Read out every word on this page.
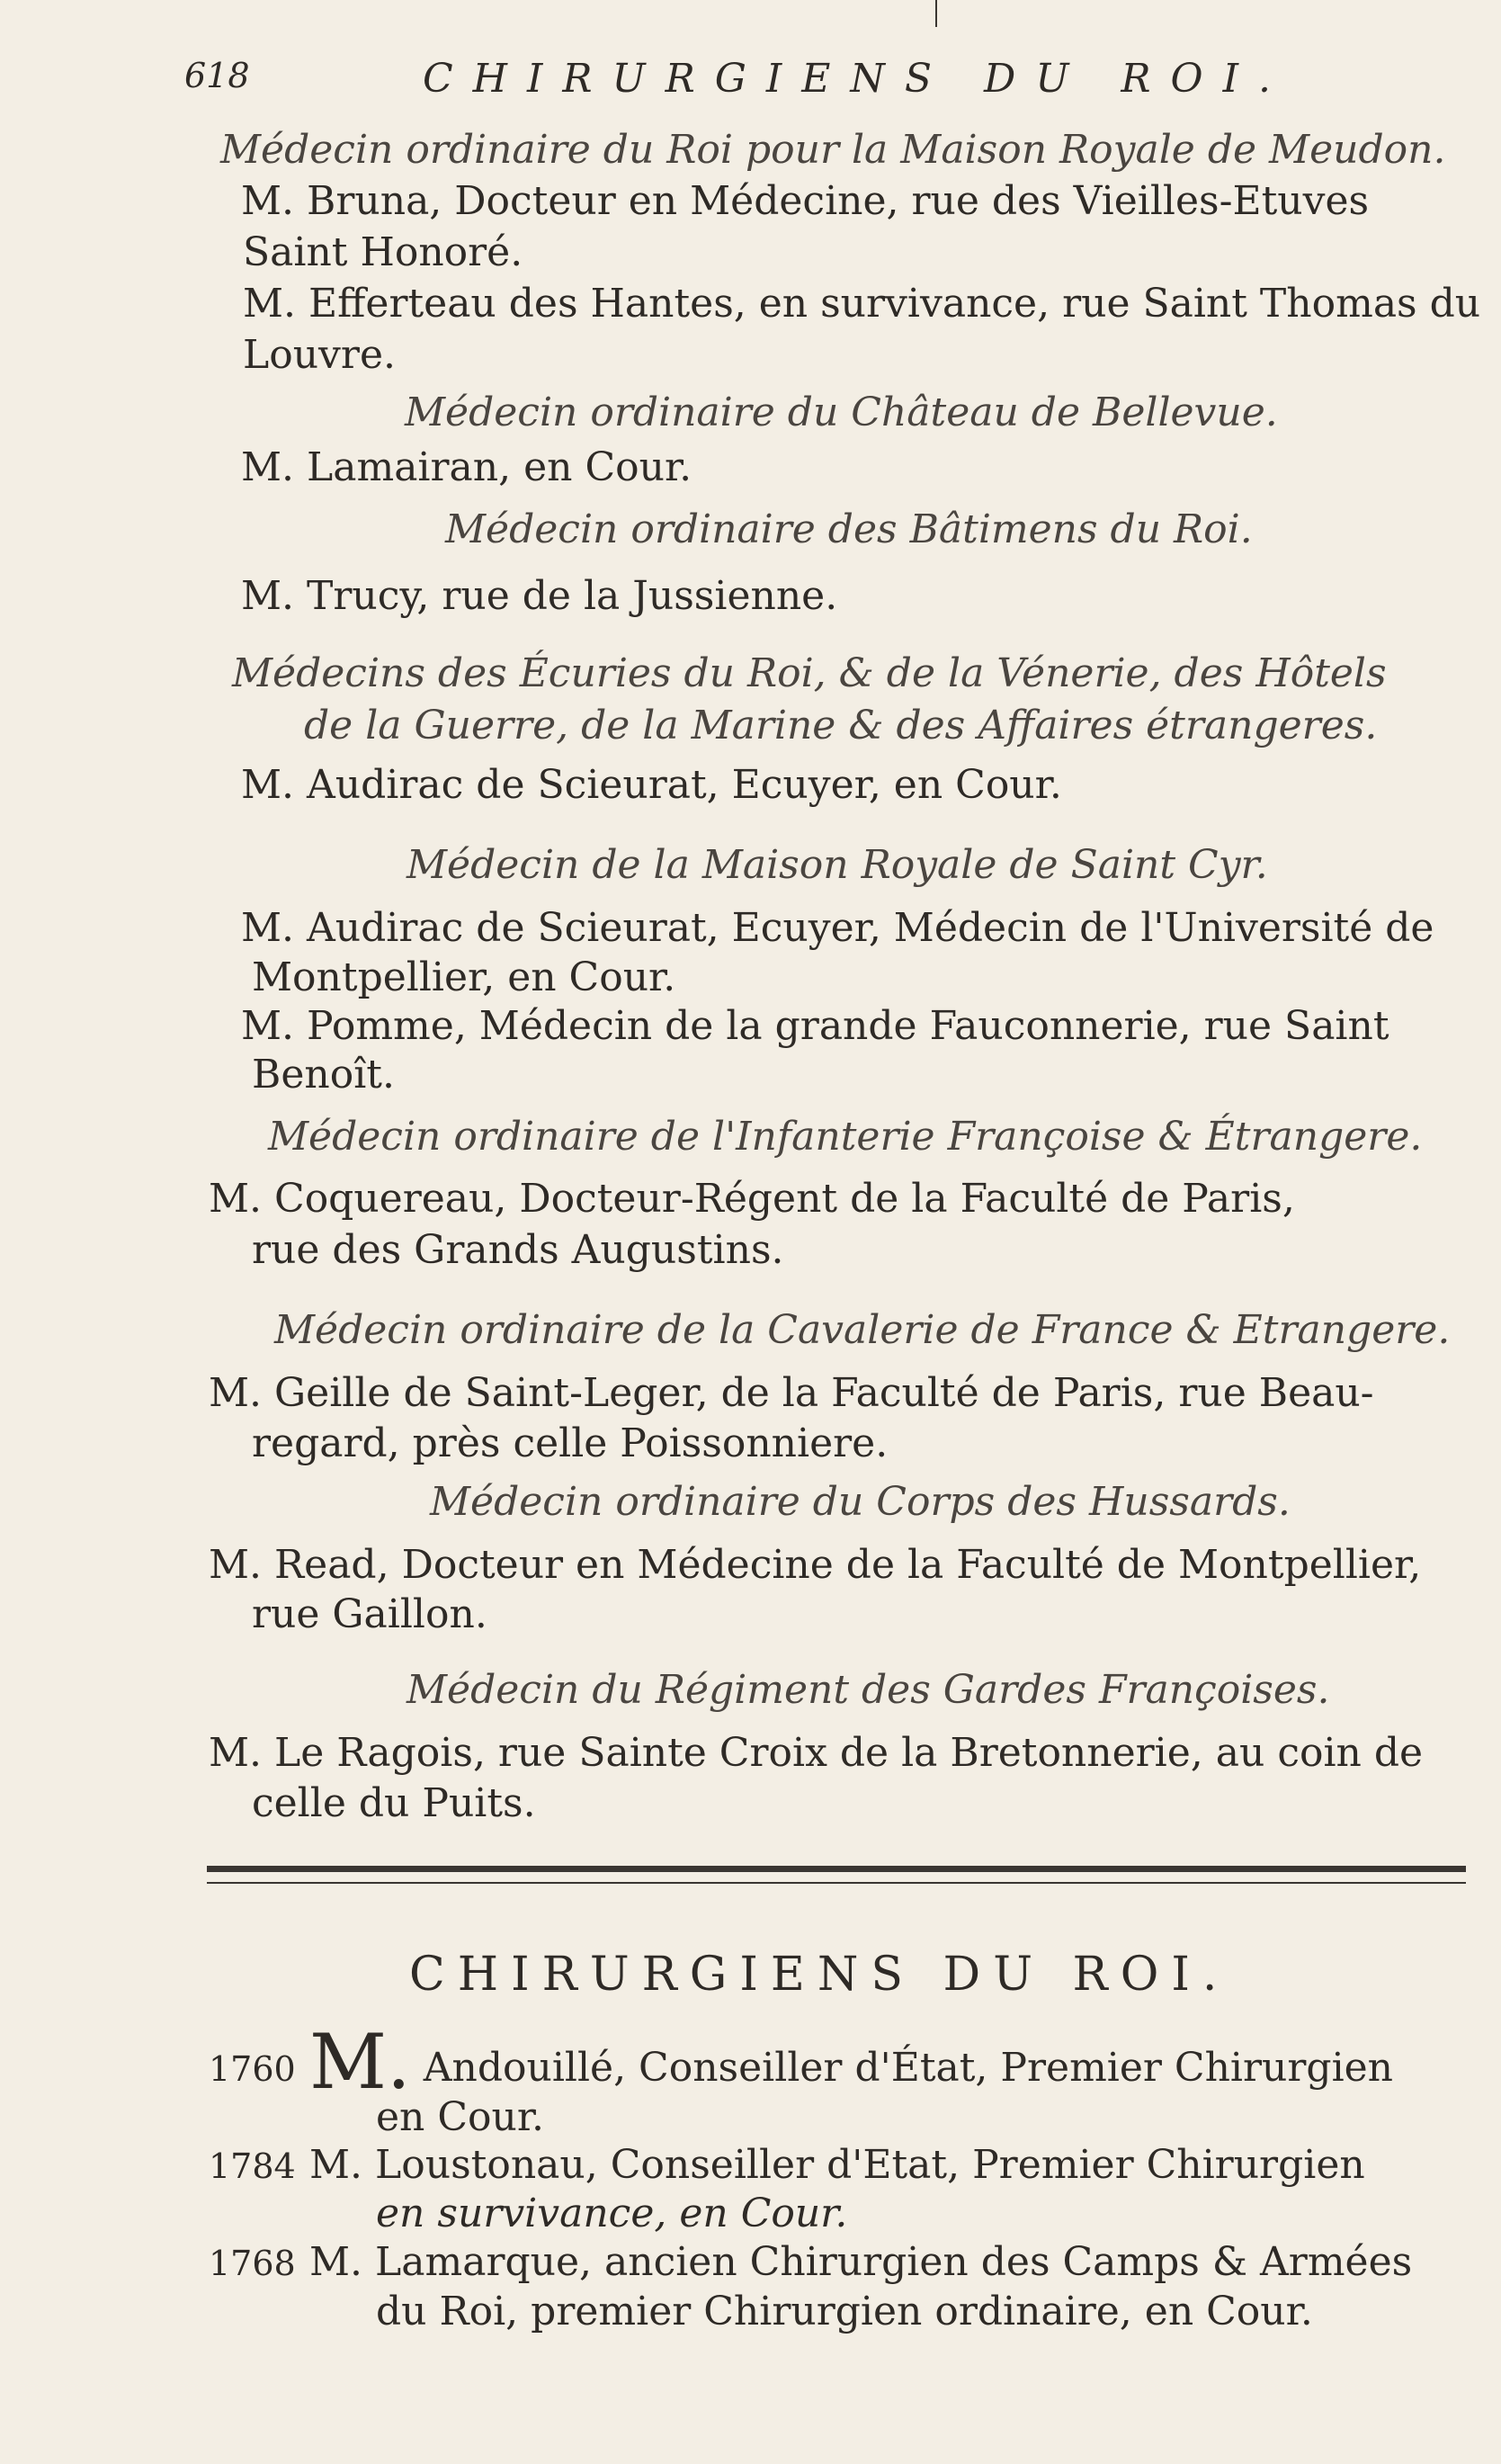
618	CHIRURGIENS DU ROI.
Médecin ordinaire du Roi pour la Maison Royale de Meudon.
M. Bruna, Docteur en Médecine, rue des Vieilles-Etuves
Saint Honoré.
M. Efferteau des Hantes, en survivance, rue Saint Thomas du
Louvre.
Médecin ordinaire du Château de Bellevue.
M. Lamairan, en Cour.
Médecin ordinaire des Bâtimens du Roi.
M. Trucy, rue de la Jussienne.
Médecins des Écuries du Roi, & de la Vénerie, des Hôtels
de la Guerre, de la Marine & des Affaires étrangeres.
M. Audirac de Scieurat, Ecuyer, en Cour.
Médecin de la Maison Royale de Saint Cyr.
M. Audirac de Scieurat, Ecuyer, Médecin de l'Université de
Montpellier, en Cour.
M. Pomme, Médecin de la grande Fauconnerie, rue Saint
Benoît.
Médecin ordinaire de l'Infanterie Françoise & Étrangere.
M. Coquereau, Docteur-Régent de la Faculté de Paris,
rue des Grands Augustins.
Médecin ordinaire de la Cavalerie de France & Etrangere.
M. Geille de Saint-Leger, de la Faculté de Paris, rue Beau-
regard, près celle Poissonniere.
Médecin ordinaire du Corps des Hussards.
M. Read, Docteur en Médecine de la Faculté de Montpellier,
rue Gaillon.
Médecin du Régiment des Gardes Françoises.
M. Le Ragois, rue Sainte Croix de la Bretonnerie, au coin de
celle du Puits.
CHIRURGIENS DU ROI.
1760 M. Andouillé, Conseiller d'État, Premier Chirurgien
en Cour.
1784 M. Loustonau, Conseiller d'Etat, Premier Chirurgien
en survivance, en Cour.
1768 M. Lamarque, ancien Chirurgien des Camps & Armées
du Roi, premier Chirurgien ordinaire, en Cour.
